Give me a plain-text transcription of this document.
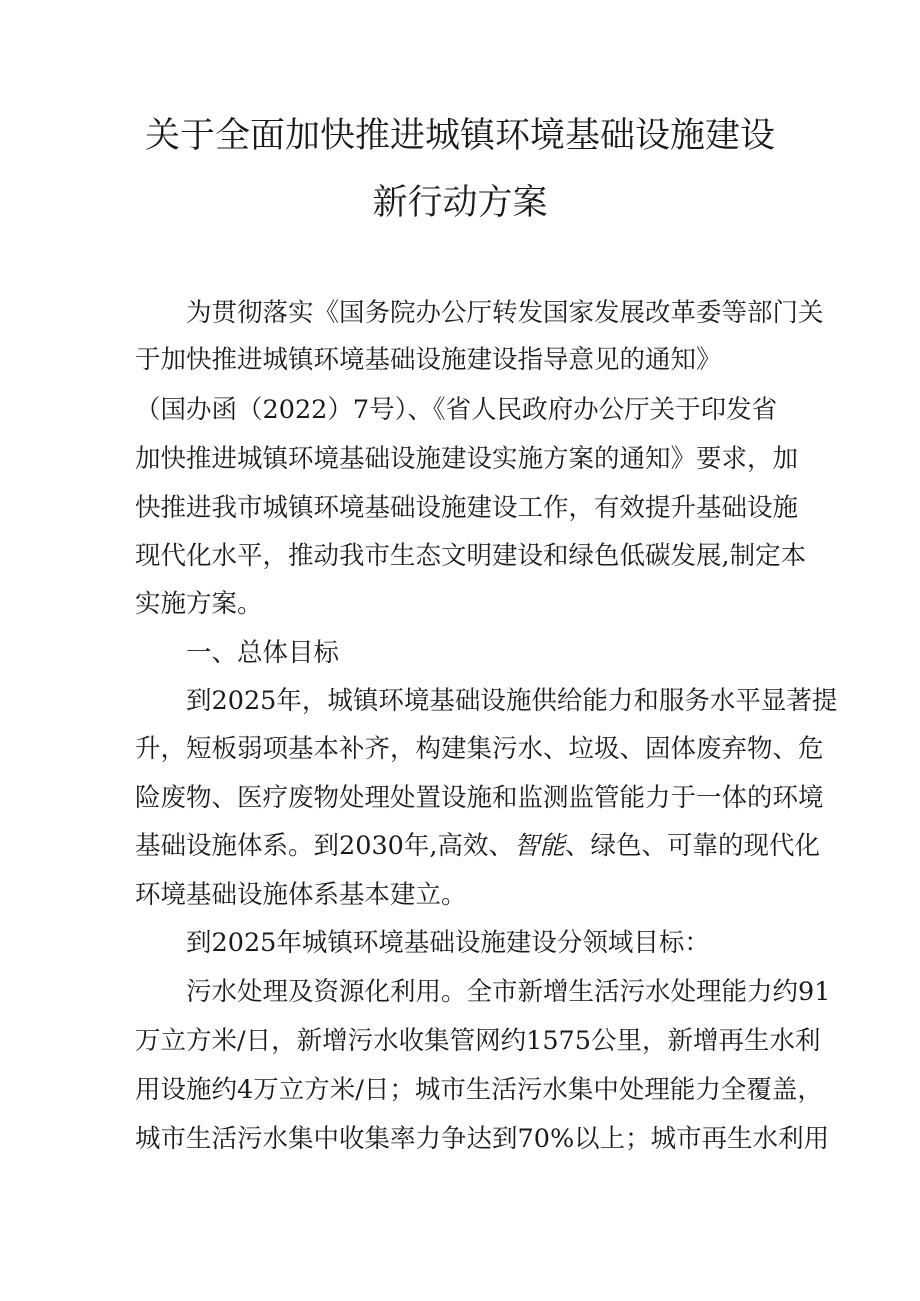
关于全面加快推进城镇环境基础设施建设
新行动方案

为贯彻落实《国务院办公厅转发国家发展改革委等部门关

于加快推进城镇环境基础设施建设指导意见的通知》

（国办函（2022）7号）、《省人民政府办公厅关于印发省

加快推进城镇环境基础设施建设实施方案的通知》要求，加

快推进我市城镇环境基础设施建设工作，有效提升基础设施

现代化水平，推动我市生态文明建设和绿色低碳发展,制定本

实施方案。

一、总体目标

到2025年，城镇环境基础设施供给能力和服务水平显著提

升，短板弱项基本补齐，构建集污水、垃圾、固体废弃物、危

险废物、医疗废物处理处置设施和监测监管能力于一体的环境

基础设施体系。到2030年,高效、智能、绿色、可靠的现代化

环境基础设施体系基本建立。

到2025年城镇环境基础设施建设分领域目标：

污水处理及资源化利用。全市新增生活污水处理能力约91

万立方米/日，新增污水收集管网约1575公里，新增再生水利

用设施约4万立方米/日；城市生活污水集中处理能力全覆盖，

城市生活污水集中收集率力争达到70%以上；城市再生水利用
